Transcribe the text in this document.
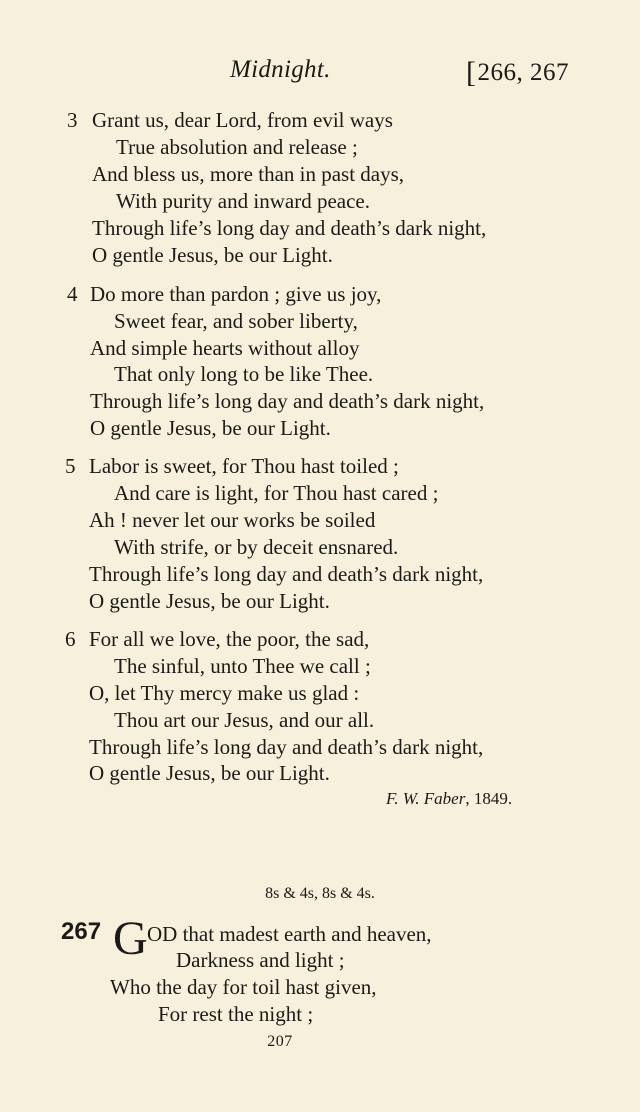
Midnight.	[266, 267
3 Grant us, dear Lord, from evil ways
True absolution and release ;
And bless us, more than in past days,
With purity and inward peace.
Through life’s long day and death’s dark night,
O gentle Jesus, be our Light.
4 Do more than pardon ; give us joy,
Sweet fear, and sober liberty,
And simple hearts without alloy
That only long to be like Thee.
Through life’s long day and death’s dark night,
O gentle Jesus, be our Light.
5 Labor is sweet, for Thou hast toiled ;
And care is light, for Thou hast cared ;
Ah ! never let our works be soiled
With strife, or by deceit ensnared.
Through life’s long day and death’s dark night,
O gentle Jesus, be our Light.
6 For all we love, the poor, the sad,
The sinful, unto Thee we call ;
O, let Thy mercy make us glad :
Thou art our Jesus, and our all.
Through life’s long day and death’s dark night,
O gentle Jesus, be our Light.
F. W. Faber, 1849.
8s & 4s, 8s & 4s.
267 G OD that madest earth and heaven,
Darkness and light ;
Who the day for toil hast given,
For rest the night ;
207
